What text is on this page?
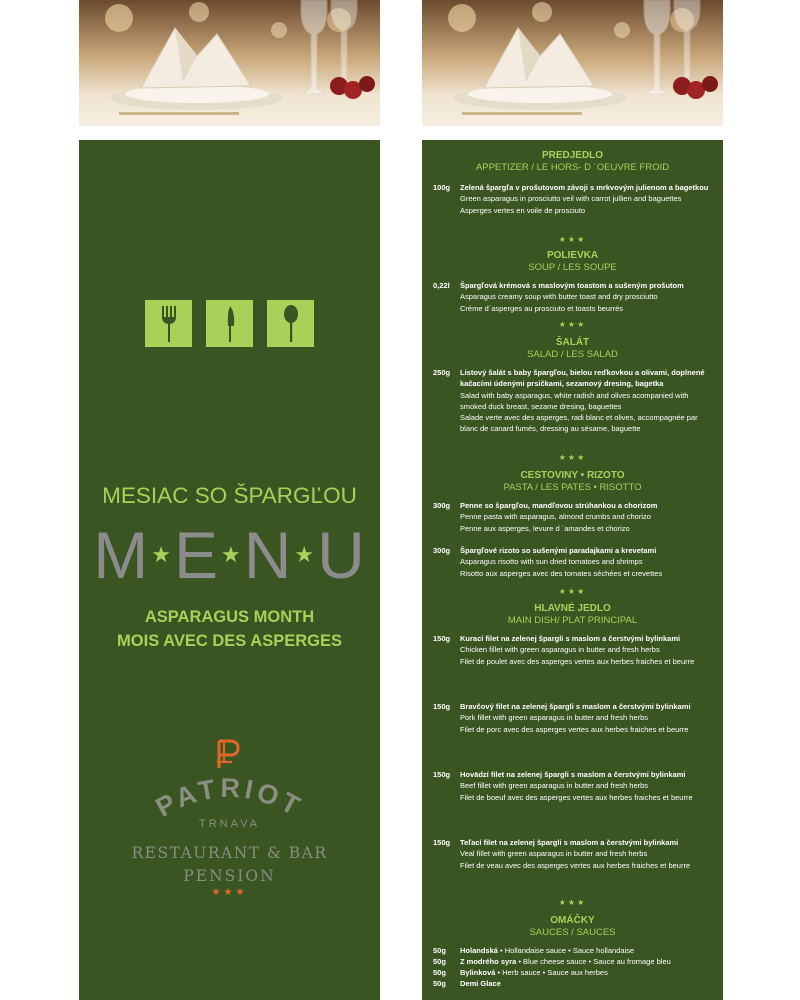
MESIAC SO ŠPARGĽOU
M★E★N★U
ASPARAGUS MONTH
MOIS AVEC DES ASPERGES
PATRIOT
TRNAVA
RESTAURANT & BAR
PENSION
★★★
PREDJEDLO
APPETIZER / LE HORS- D ´OEUVRE FROID
100g Zelená špargľa v prošutovom závoji s mrkvovým julienom a bagetkou
Green asparagus in prosciutto veil with carrot jullien and baguettes
Asperges vertes en voile de prosciuto
★★★
POLIEVKA
SOUP / LES SOUPE
0,22l Špargľová krémová s maslovým toastom a sušeným prošutom
Asparagus creamy soup with butter toast and dry prosciutto
Créme d´asperges au prosciuto et toasts beurrés
★★★
ŠALÁT
SALAD / LES SALAD
250g Listový šalát s baby špargľou, bielou reďkovkou a olivami, doplnené kačacími údenými prsičkami, sezamový dresing, bagetka
Salad with baby asparagus, white radish and olives acompanied with smoked duck breast, sezame dresing, baguettes
Salade verte avec des asperges, radi blanc et olives, accompagnée par blanc de canard fumés, dressing au sésame, baguette
★★★
CESTOVINY • RIZOTO
PASTA / LES PATES • RISOTTO
300g Penne so špargľou, mandľovou strúhankou a chorizom
Penne pasta with asparagus, almond crumbs and chorizo
Penne aux asperges, levure d ´amandes et chorizo
300g Špargľové rizoto so sušenými paradajkami a krevetami
Asparagus risotto with sun dried tomatoes and shrimps
Risotto aux asperges avec des tomates séchées et crevettes
★★★
HLAVNÉ JEDLO
MAIN DISH/ PLAT PRINCIPAL
150g Kurací filet na zelenej špargli s maslom a čerstvými bylinkami
Chicken fillet with green asparagus in butter and fresh herbs
Filet de poulet avec des asperges vertes aux herbes fraiches et beurre
150g Bravčový filet na zelenej špargli s maslom a čerstvými bylinkami
Pork fillet with green asparagus in butter and fresh herbs
Filet de porc avec des asperges vertes aux herbes fraiches et beurre
150g Hovädzí filet na zelenej špargli s maslom a čerstvými bylinkami
Beef fillet with green asparagus in butter and fresh herbs
Filet de boeuf avec des asperges vertes aux herbes fraiches et beurre
150g Teľací filet na zelenej špargli s maslom a čerstvými bylinkami
Veal fillet with green asparagus in butter and fresh herbs
Filet de veau avec des asperges vertes aux herbes fraiches et beurre
★★★
OMÁČKY
SAUCES / SAUCES
50g Holandská • Hollandaise sauce • Sauce hollandaise
50g Z modrého syra • Blue cheese sauce • Sauce au fromage bleu
50g Bylinková • Herb sauce • Sauce aux herbes
50g Demi Glace
